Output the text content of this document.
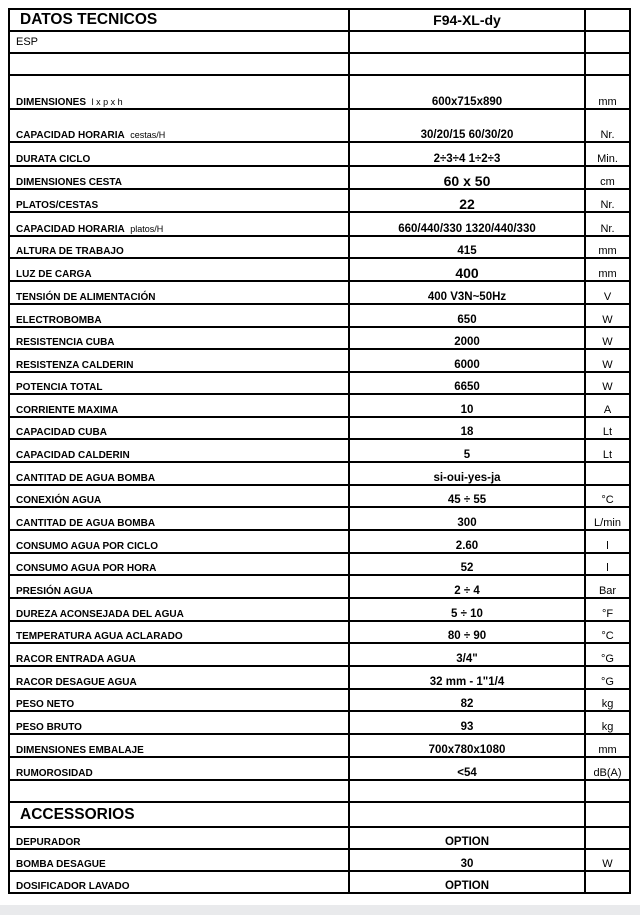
DATOS TECNICOS	F94-XL-dy	
ESP		

DIMENSIONES l x p x h	600x715x890	mm
CAPACIDAD HORARIA cestas/H	30/20/15 60/30/20	Nr.
DURATA CICLO	2÷3÷4 1÷2÷3	Min.
DIMENSIONES CESTA	60 x 50	cm
PLATOS/CESTAS	22	Nr.
CAPACIDAD HORARIA platos/H	660/440/330 1320/440/330	Nr.
ALTURA DE TRABAJO	415	mm
LUZ DE CARGA	400	mm
TENSIÓN DE ALIMENTACIÓN	400 V3N~50Hz	V
ELECTROBOMBA	650	W
RESISTENCIA CUBA	2000	W
RESISTENZA CALDERIN	6000	W
POTENCIA TOTAL	6650	W
CORRIENTE MAXIMA	10	A
CAPACIDAD CUBA	18	Lt
CAPACIDAD CALDERIN	5	Lt
CANTITAD DE AGUA BOMBA	si-oui-yes-ja	
CONEXIÓN AGUA	45 ÷ 55	°C
CANTITAD DE AGUA BOMBA	300	L/min
CONSUMO AGUA POR CICLO	2.60	l
CONSUMO AGUA POR HORA	52	l
PRESIÓN AGUA	2 ÷ 4	Bar
DUREZA ACONSEJADA DEL AGUA	5 ÷ 10	°F
TEMPERATURA AGUA ACLARADO	80 ÷ 90	°C
RACOR ENTRADA AGUA	3/4"	°G
RACOR DESAGUE AGUA	32 mm - 1"1/4	°G
PESO NETO	82	kg
PESO BRUTO	93	kg
DIMENSIONES EMBALAJE	700x780x1080	mm
RUMOROSIDAD	<54	dB(A)

ACCESSORIOS		
DEPURADOR	OPTION	
BOMBA DESAGUE	30	W
DOSIFICADOR LAVADO	OPTION	
